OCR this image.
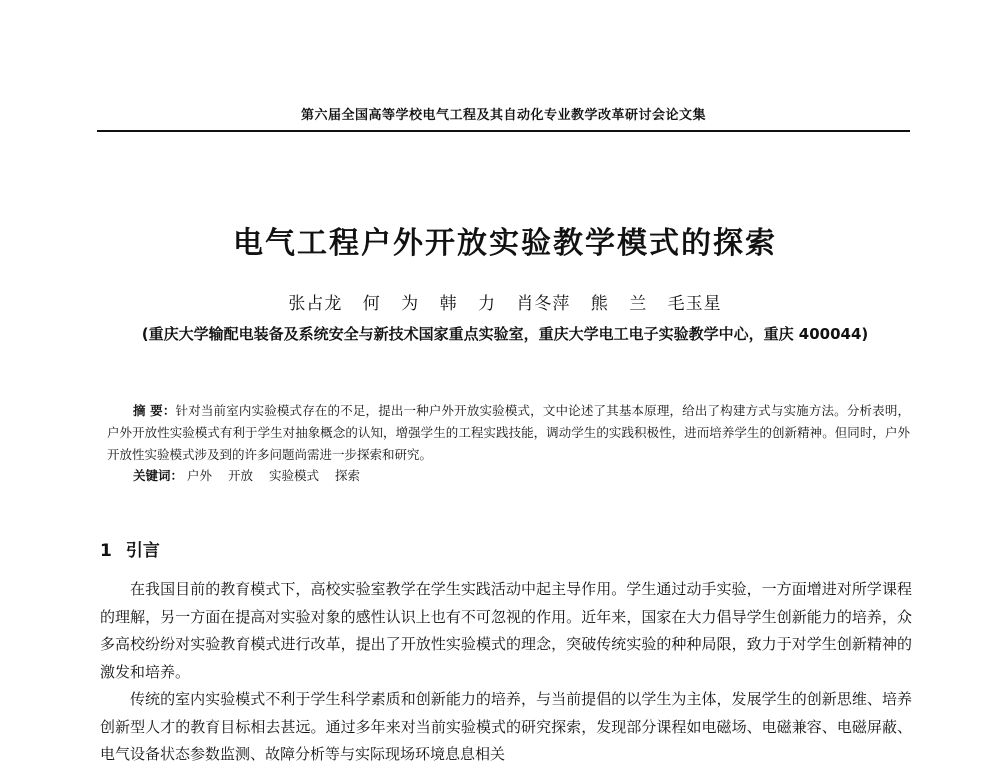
第六届全国高等学校电气工程及其自动化专业教学改革研讨会论文集
电气工程户外开放实验教学模式的探索
张占龙 何 为 韩 力 肖冬萍 熊 兰 毛玉星
(重庆大学输配电装备及系统安全与新技术国家重点实验室，重庆大学电工电子实验教学中心，重庆 400044)
摘 要：针对当前室内实验模式存在的不足，提出一种户外开放实验模式，文中论述了其基本原理，给出了构建方式与实施方法。分析表明，户外开放性实验模式有利于学生对抽象概念的认知，增强学生的工程实践技能，调动学生的实践积极性，进而培养学生的创新精神。但同时，户外开放性实验模式涉及到的许多问题尚需进一步探索和研究。
关键词： 户外 开放 实验模式 探索
1 引言

在我国目前的教育模式下，高校实验室教学在学生实践活动中起主导作用。学生通过动手实验，一方面增进对所学课程的理解，另一方面在提高对实验对象的感性认识上也有不可忽视的作用。近年来，国家在大力倡导学生创新能力的培养，众多高校纷纷对实验教育模式进行改革，提出了开放性实验模式的理念，突破传统实验的种种局限，致力于对学生创新精神的激发和培养。

传统的室内实验模式不利于学生科学素质和创新能力的培养，与当前提倡的以学生为主体，发展学生的创新思维、培养创新型人才的教育目标相去甚远。通过多年来对当前实验模式的研究探索，发现部分课程如电磁场、电磁兼容、电磁屏蔽、电气设备状态参数监测、故障分析等与实际现场环境息息相关
